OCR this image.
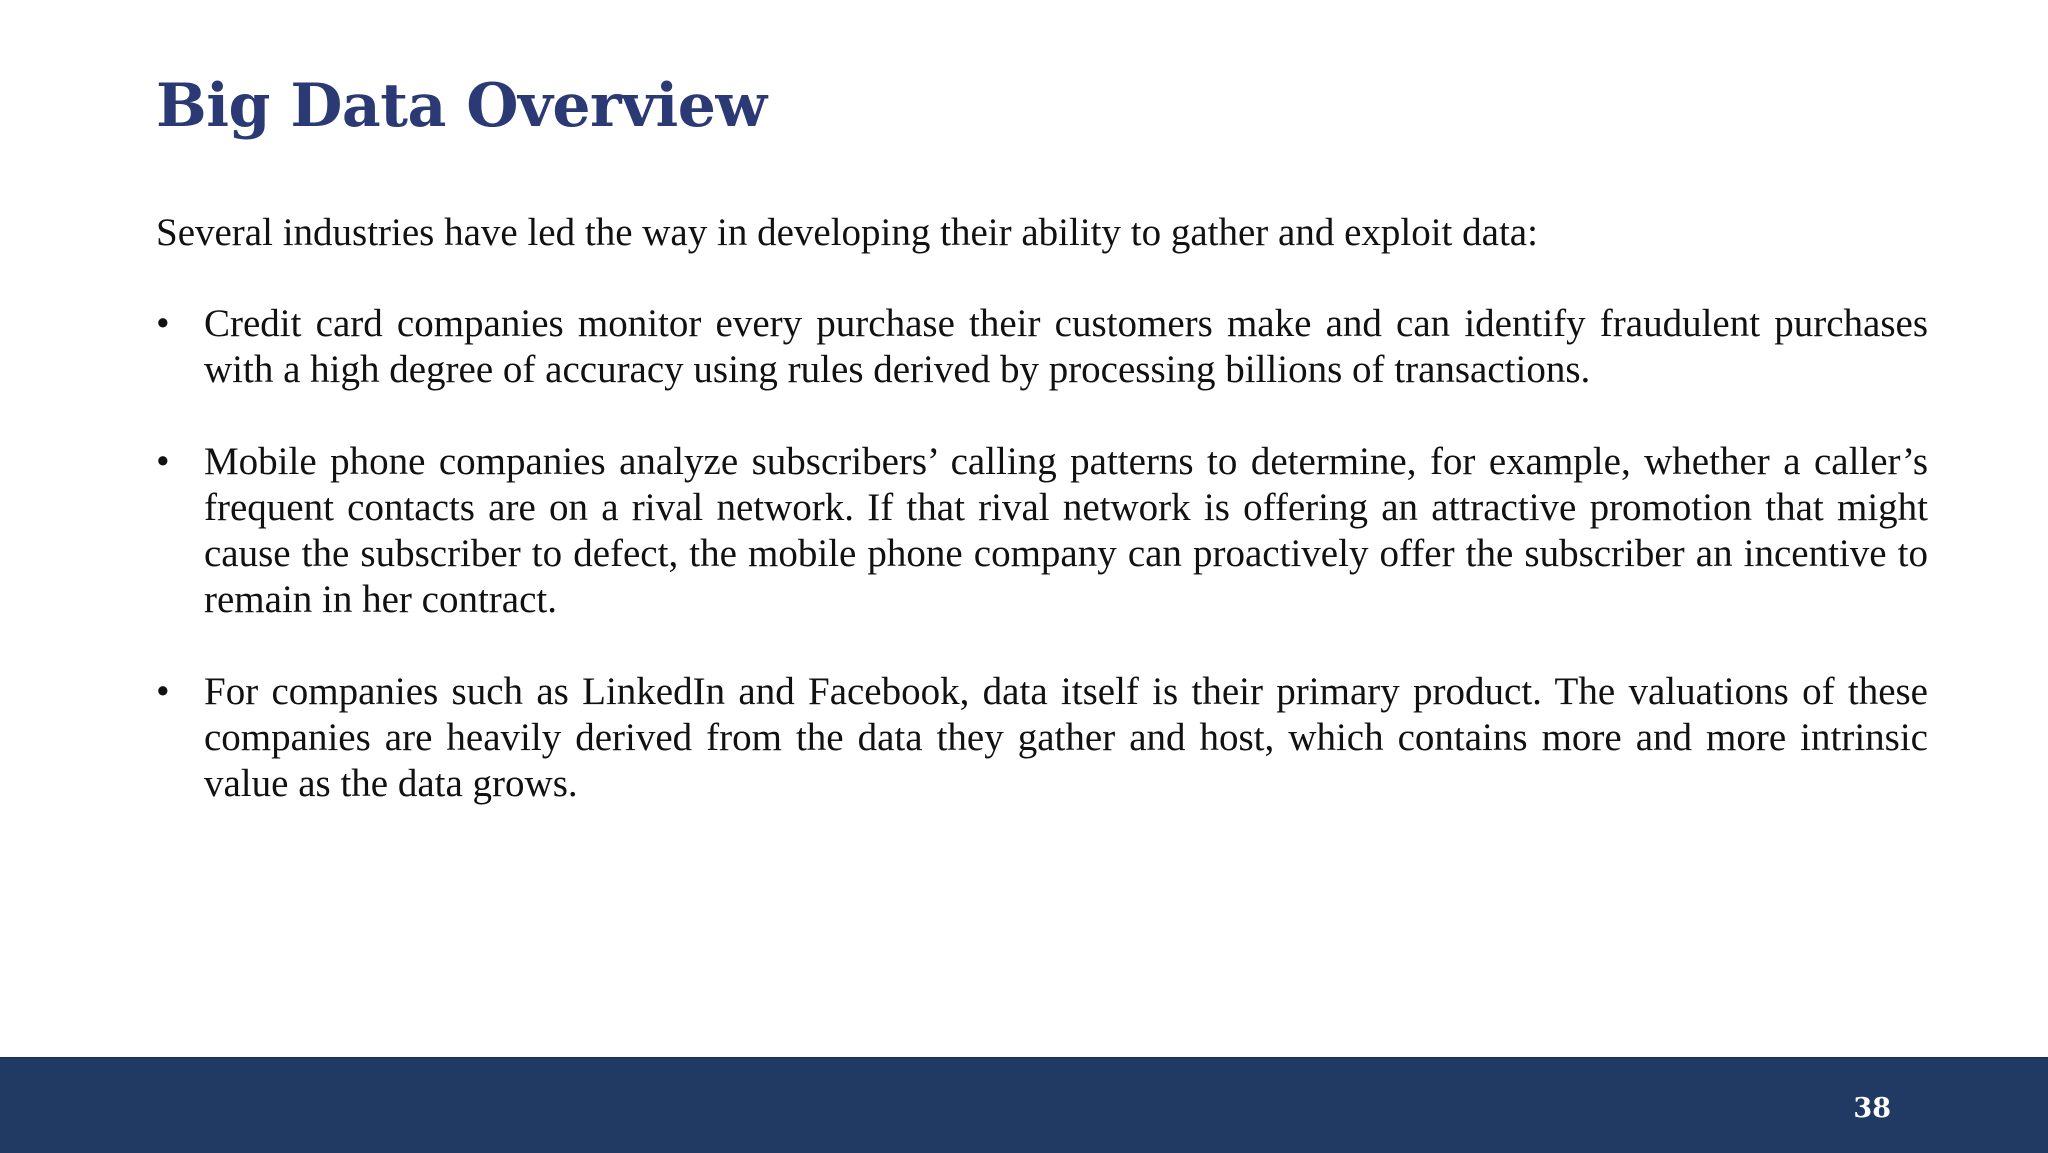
Big Data Overview

Several industries have led the way in developing their ability to gather and exploit data:

• Credit card companies monitor every purchase their customers make and can identify fraudulent purchases with a high degree of accuracy using rules derived by processing billions of transactions.
• Mobile phone companies analyze subscribers’ calling patterns to determine, for example, whether a caller’s frequent contacts are on a rival network. If that rival network is offering an attractive promotion that might cause the subscriber to defect, the mobile phone company can proactively offer the subscriber an incentive to remain in her contract.
• For companies such as LinkedIn and Facebook, data itself is their primary product. The valuations of these companies are heavily derived from the data they gather and host, which contains more and more intrinsic value as the data grows.
38
